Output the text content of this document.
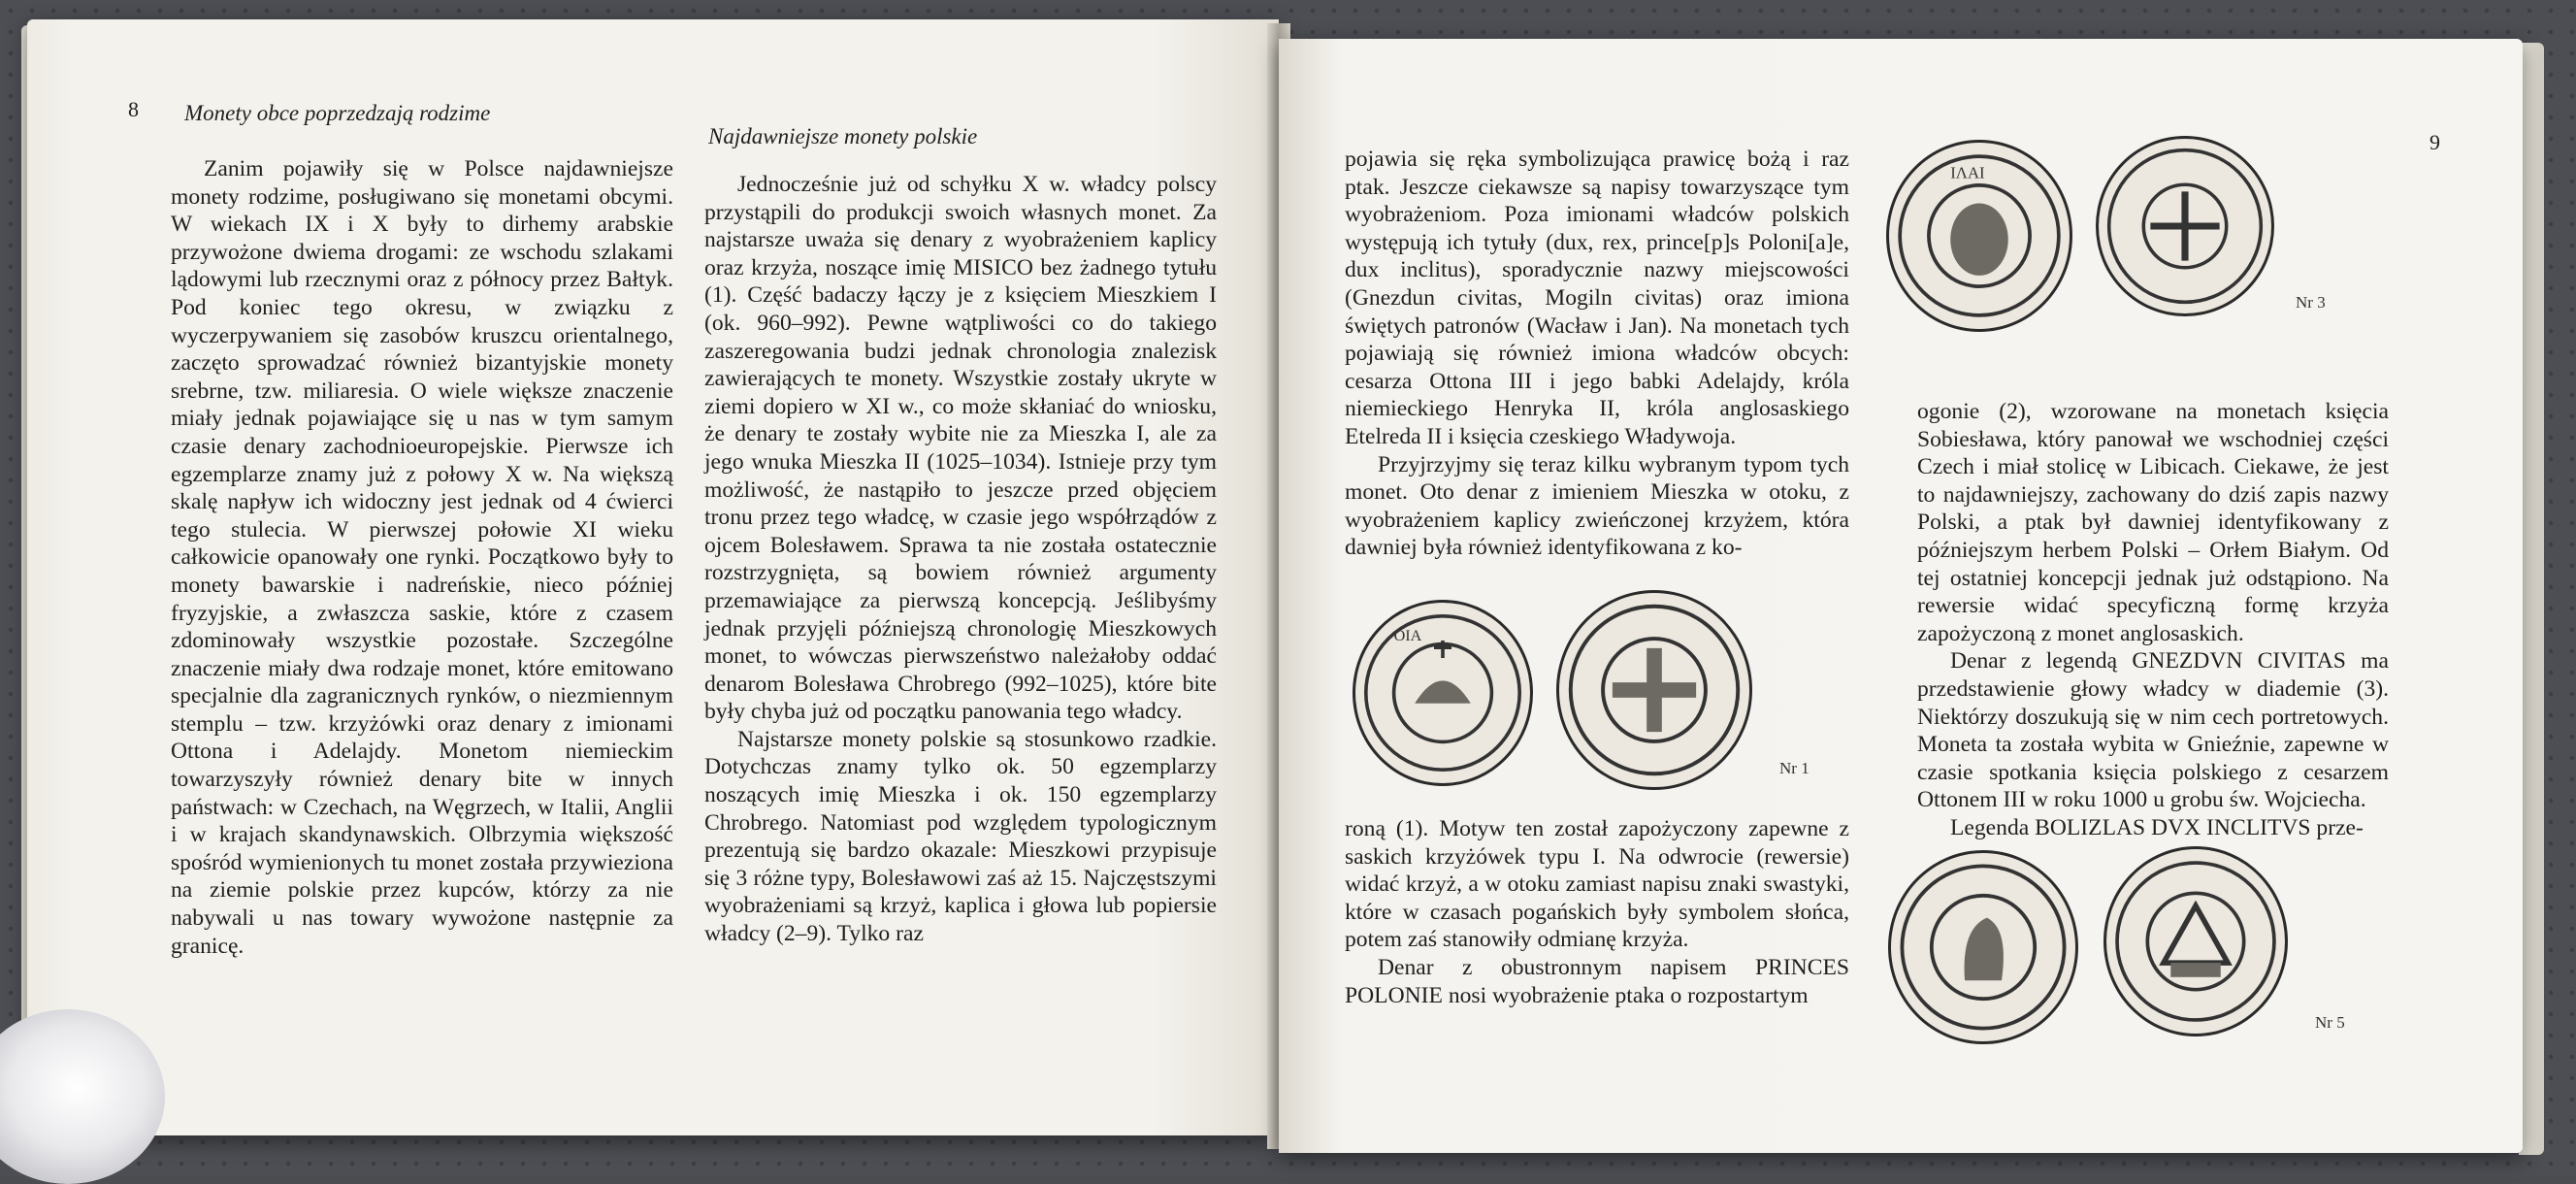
8 Monety obce poprzedzają rodzime
Najdawniejsze monety polskie

Zanim pojawiły się w Polsce najdawniejsze monety rodzime, posługiwano się monetami obcymi. W wiekach IX i X były to dirhemy arabskie przywożone dwiema drogami: ze wschodu szlakami lądowymi lub rzecznymi oraz z północy przez Bałtyk. Pod koniec tego okresu, w związku z wyczerpywaniem się zasobów kruszcu orientalnego, zaczęto sprowadzać również bizantyjskie monety srebrne, tzw. miliaresia. O wiele większe znaczenie miały jednak pojawiające się u nas w tym samym czasie denary zachodnioeuropejskie. Pierwsze ich egzemplarze znamy już z połowy X w. Na większą skalę napływ ich widoczny jest jednak od 4 ćwierci tego stulecia. W pierwszej połowie XI wieku całkowicie opanowały one rynki. Początkowo były to monety bawarskie i nadreńskie, nieco później fryzyjskie, a zwłaszcza saskie, które z czasem zdominowały wszystkie pozostałe. Szczególne znaczenie miały dwa rodzaje monet, które emitowano specjalnie dla zagranicznych rynków, o niezmiennym stemplu – tzw. krzyżówki oraz denary z imionami Ottona i Adelajdy. Monetom niemieckim towarzyszyły również denary bite w innych państwach: w Czechach, na Węgrzech, w Italii, Anglii i w krajach skandynawskich. Olbrzymia większość spośród wymienionych tu monet została przywieziona na ziemie polskie przez kupców, którzy za nie nabywali u nas towary wywożone następnie za granicę.

Jednocześnie już od schyłku X w. władcy polscy przystąpili do produkcji swoich własnych monet. Za najstarsze uważa się denary z wyobrażeniem kaplicy oraz krzyża, noszące imię MISICO bez żadnego tytułu (1). Część badaczy łączy je z księciem Mieszkiem I (ok. 960–992). Pewne wątpliwości co do takiego zaszeregowania budzi jednak chronologia znalezisk zawierających te monety. Wszystkie zostały ukryte w ziemi dopiero w XI w., co może skłaniać do wniosku, że denary te zostały wybite nie za Mieszka I, ale za jego wnuka Mieszka II (1025–1034). Istnieje przy tym możliwość, że nastąpiło to jeszcze przed objęciem tronu przez tego władcę, w czasie jego współrządów z ojcem Bolesławem. Sprawa ta nie została ostatecznie rozstrzygnięta, są bowiem również argumenty przemawiające za pierwszą koncepcją. Jeślibyśmy jednak przyjęli późniejszą chronologię Mieszkowych monet, to wówczas pierwszeństwo należałoby oddać denarom Bolesława Chrobrego (992–1025), które bite były chyba już od początku panowania tego władcy.

Najstarsze monety polskie są stosunkowo rzadkie. Dotychczas znamy tylko ok. 50 egzemplarzy noszących imię Mieszka i ok. 150 egzemplarzy Chrobrego. Natomiast pod względem typologicznym prezentują się bardzo okazale: Mieszkowi przypisuje się 3 różne typy, Bolesławowi zaś aż 15. Najczęstszymi wyobrażeniami są krzyż, kaplica i głowa lub popiersie władcy (2–9). Tylko raz

9

pojawia się ręka symbolizująca prawicę bożą i raz ptak. Jeszcze ciekawsze są napisy towarzyszące tym wyobrażeniom. Poza imionami władców polskich występują ich tytuły (dux, rex, prince[p]s Polonі[a]e, dux inclitus), sporadycznie nazwy miejscowości (Gnezdun civitas, Mogiln civitas) oraz imiona świętych patronów (Wacław i Jan). Na monetach tych pojawiają się również imiona władców obcych: cesarza Ottona III i jego babki Adelajdy, króla niemieckiego Henryka II, króla anglosaskiego Etelreda II i księcia czeskiego Władywoja.

Przyjrzyjmy się teraz kilku wybranym typom tych monet. Oto denar z imieniem Mieszka w otoku, z wyobrażeniem kaplicy zwieńczonej krzyżem, która dawniej była również identyfikowana z ko-

ΟΙΑ
Nr 1

roną (1). Motyw ten został zapożyczony zapewne z saskich krzyżówek typu I. Na odwrocie (rewersie) widać krzyż, a w otoku zamiast napisu znaki swastyki, które w czasach pogańskich były symbolem słońca, potem zaś stanowiły odmianę krzyża.

Denar z obustronnym napisem PRINCES POLONIE nosi wyobrażenie ptaka o rozpostartym

ΙΛΑΙ
Nr 3

ogonie (2), wzorowane na monetach księcia Sobiesława, który panował we wschodniej części Czech i miał stolicę w Libicach. Ciekawe, że jest to najdawniejszy, zachowany do dziś zapis nazwy Polski, a ptak był dawniej identyfikowany z późniejszym herbem Polski – Orłem Białym. Od tej ostatniej koncepcji jednak już odstąpiono. Na rewersie widać specyficzną formę krzyża zapożyczoną z monet anglosaskich.

Denar z legendą GNEZDVN CIVITAS ma przedstawienie głowy władcy w diademie (3). Niektórzy doszukują się w nim cech portretowych. Moneta ta została wybita w Gnieźnie, zapewne w czasie spotkania księcia polskiego z cesarzem Ottonem III w roku 1000 u grobu św. Wojciecha.

Legenda BOLIZLAS DVX INCLITVS prze-

Nr 5
